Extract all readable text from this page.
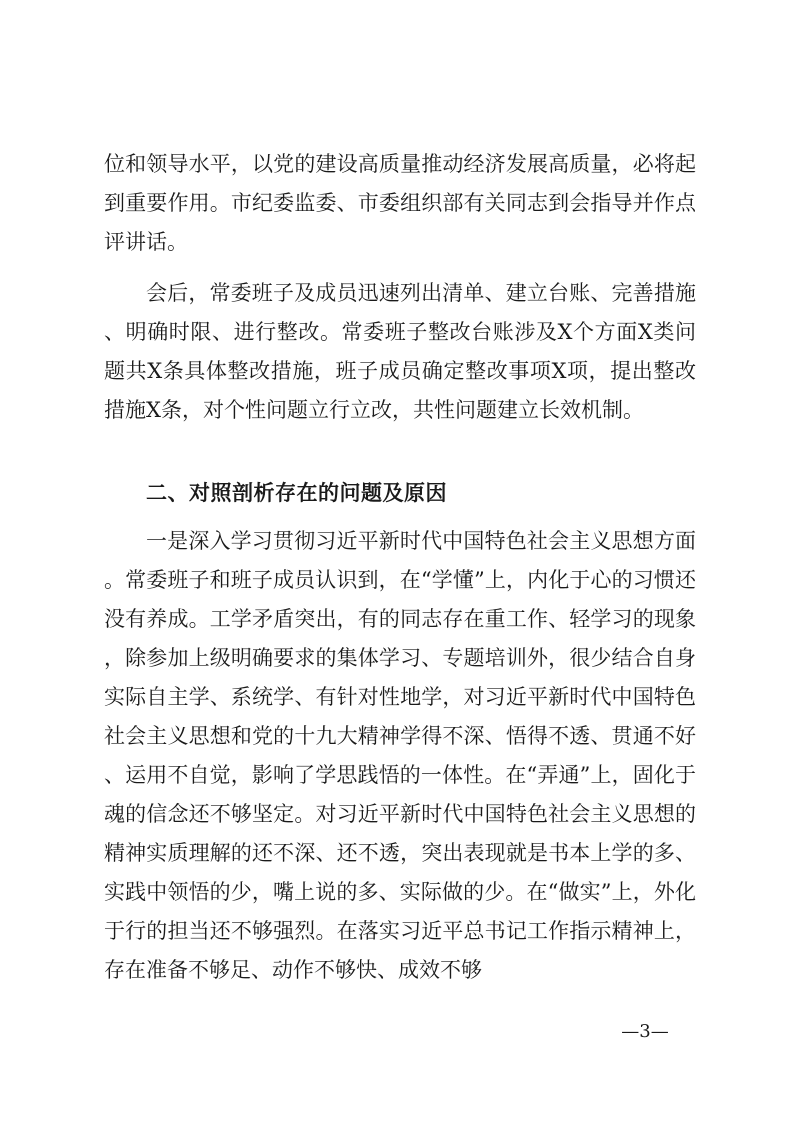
位和领导水平，以党的建设高质量推动经济发展高质量，必将起到重要作用。市纪委监委、市委组织部有关同志到会指导并作点评讲话。

会后，常委班子及成员迅速列出清单、建立台账、完善措施、明确时限、进行整改。常委班子整改台账涉及X个方面X类问题共X条具体整改措施，班子成员确定整改事项X项，提出整改措施X条，对个性问题立行立改，共性问题建立长效机制。

二、对照剖析存在的问题及原因

一是深入学习贯彻习近平新时代中国特色社会主义思想方面。常委班子和班子成员认识到，在“学懂”上，内化于心的习惯还没有养成。工学矛盾突出，有的同志存在重工作、轻学习的现象，除参加上级明确要求的集体学习、专题培训外，很少结合自身实际自主学、系统学、有针对性地学，对习近平新时代中国特色社会主义思想和党的十九大精神学得不深、悟得不透、贯通不好、运用不自觉，影响了学思践悟的一体性。在“弄通”上，固化于魂的信念还不够坚定。对习近平新时代中国特色社会主义思想的精神实质理解的还不深、还不透，突出表现就是书本上学的多、实践中领悟的少，嘴上说的多、实际做的少。在“做实”上，外化于行的担当还不够强烈。在落实习近平总书记工作指示精神上，存在准备不够足、动作不够快、成效不够

—3—
